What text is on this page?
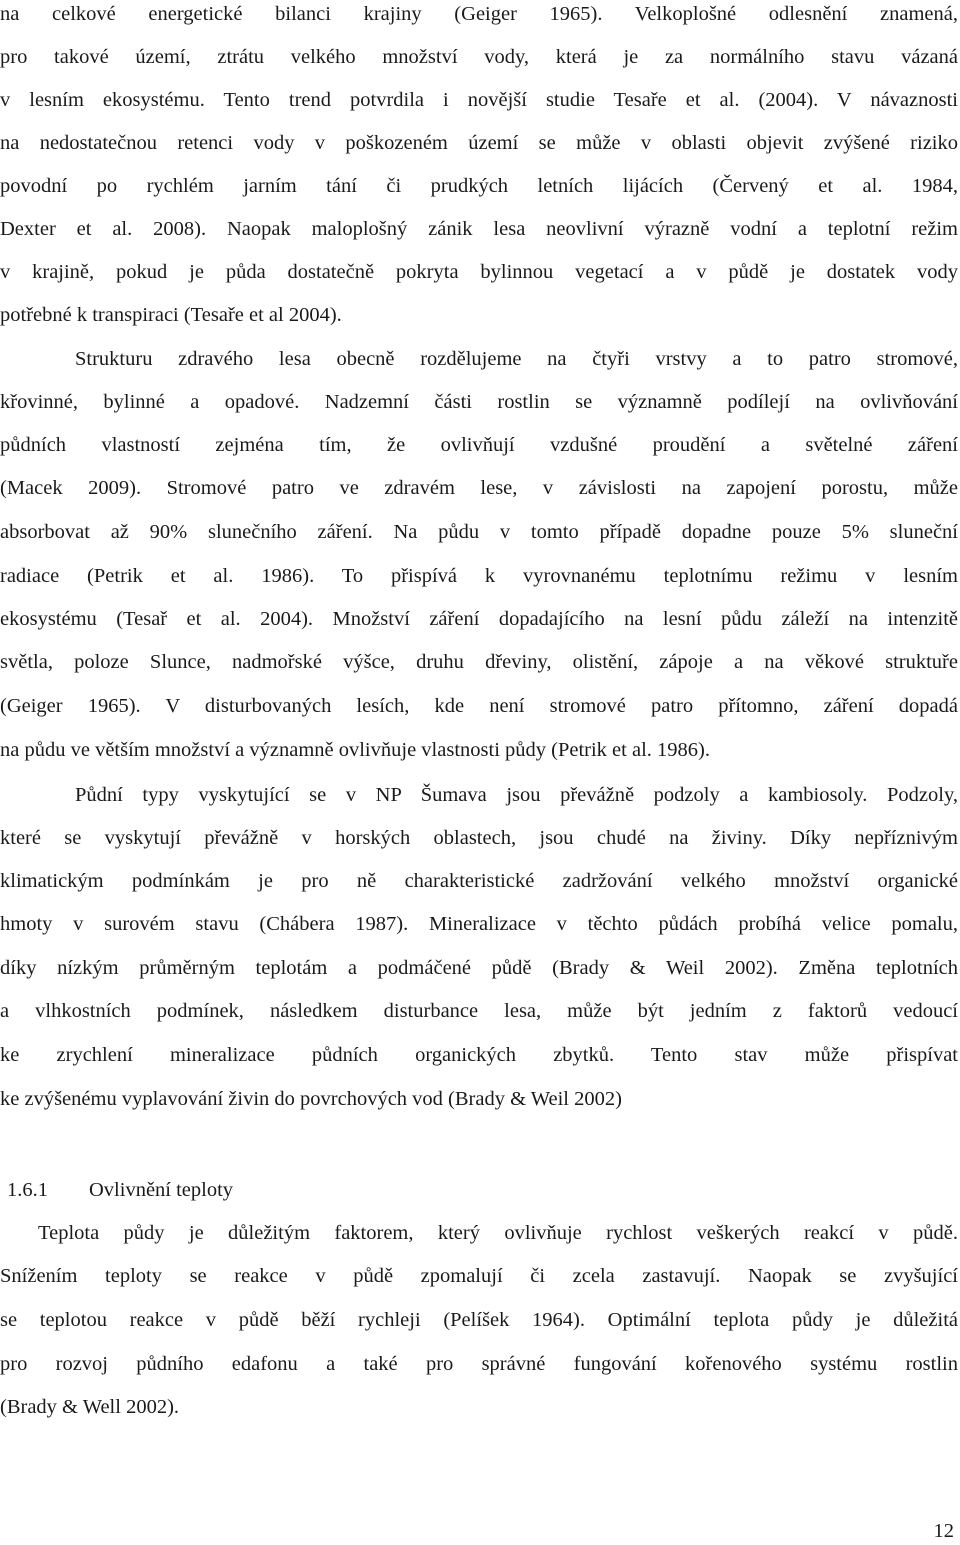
na celkové energetické bilanci krajiny (Geiger 1965). Velkoplošné odlesnění znamená,
pro takové území, ztrátu velkého množství vody, která je za normálního stavu vázaná
v lesním ekosystému. Tento trend potvrdila i novější studie Tesaře et al. (2004). V návaznosti
na nedostatečnou retenci vody v poškozeném území se může v oblasti objevit zvýšené riziko
povodní po rychlém jarním tání či prudkých letních lijácích (Červený et al. 1984,
Dexter et al. 2008). Naopak maloplošný zánik lesa neovlivní výrazně vodní a teplotní režim
v krajině, pokud je půda dostatečně pokryta bylinnou vegetací a v půdě je dostatek vody
potřebné k transpiraci (Tesaře et al 2004).
Strukturu zdravého lesa obecně rozdělujeme na čtyři vrstvy a to patro stromové,
křovinné, bylinné a opadové. Nadzemní části rostlin se významně podílejí na ovlivňování
půdních vlastností zejména tím, že ovlivňují vzdušné proudění a světelné záření
(Macek 2009). Stromové patro ve zdravém lese, v závislosti na zapojení porostu, může
absorbovat až 90% slunečního záření. Na půdu v tomto případě dopadne pouze 5% sluneční
radiace (Petrik et al. 1986). To přispívá k vyrovnanému teplotnímu režimu v lesním
ekosystému (Tesař et al. 2004). Množství záření dopadajícího na lesní půdu záleží na intenzitě
světla, poloze Slunce, nadmořské výšce, druhu dřeviny, olistění, zápoje a na věkové struktuře
(Geiger 1965). V disturbovaných lesích, kde není stromové patro přítomno, záření dopadá
na půdu ve větším množství a významně ovlivňuje vlastnosti půdy (Petrik et al. 1986).
Půdní typy vyskytující se v NP Šumava jsou převážně podzoly a kambiosoly. Podzoly,
které se vyskytují převážně v horských oblastech, jsou chudé na živiny. Díky nepříznivým
klimatickým podmínkám je pro ně charakteristické zadržování velkého množství organické
hmoty v surovém stavu (Chábera 1987). Mineralizace v těchto půdách probíhá velice pomalu,
díky nízkým průměrným teplotám a podmáčené půdě (Brady & Weil 2002). Změna teplotních
a vlhkostních podmínek, následkem disturbance lesa, může být jedním z faktorů vedoucí
ke zrychlení mineralizace půdních organických zbytků. Tento stav může přispívat
ke zvýšenému vyplavování živin do povrchových vod (Brady & Weil 2002)
1.6.1 Ovlivnění teploty
Teplota půdy je důležitým faktorem, který ovlivňuje rychlost veškerých reakcí v půdě.
Snížením teploty se reakce v půdě zpomalují či zcela zastavují. Naopak se zvyšující
se teplotou reakce v půdě běží rychleji (Pelíšek 1964). Optimální teplota půdy je důležitá
pro rozvoj půdního edafonu a také pro správné fungování kořenového systému rostlin
(Brady & Well 2002).
12
